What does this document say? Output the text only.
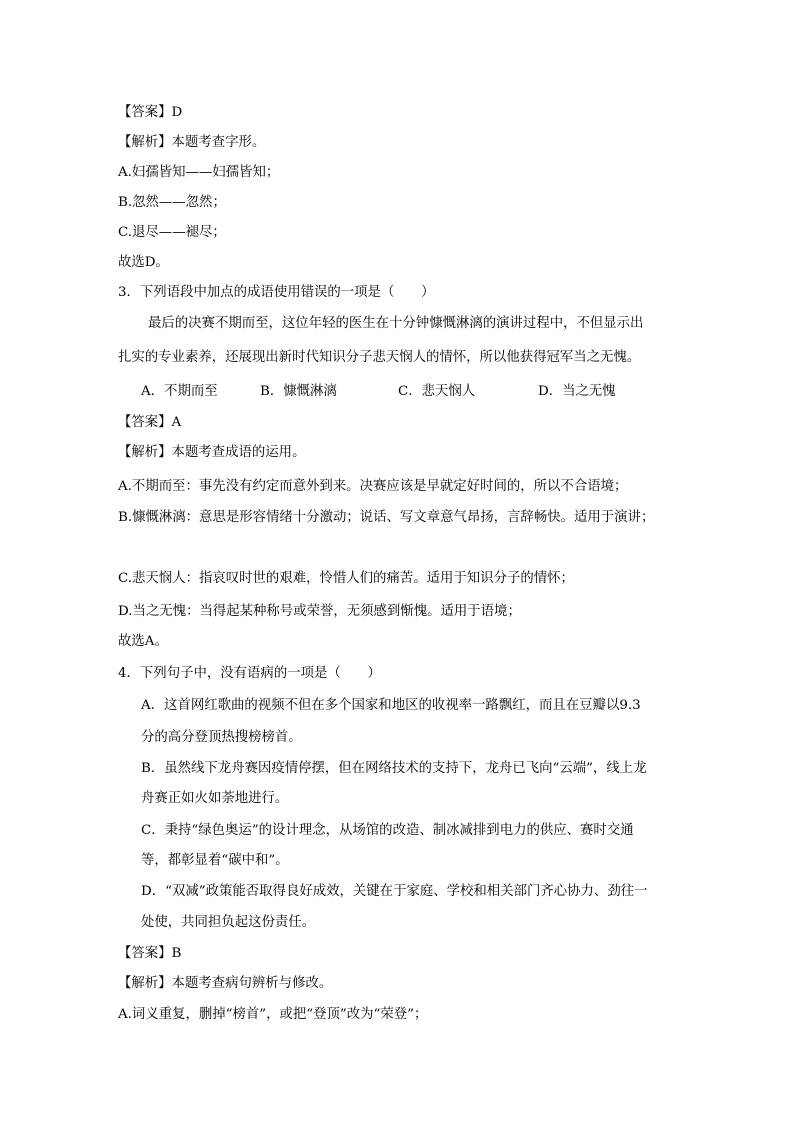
【答案】D
【解析】本题考查字形。
A.妇孺皆知——妇孺皆知；
B.忽然——忽然；
C.退尽——褪尽；
故选D。
3．下列语段中加点的成语使用错误的一项是（　　）
最后的决赛不期而至，这位年轻的医生在十分钟慷慨淋漓的演讲过程中，不但显示出
扎实的专业素养，还展现出新时代知识分子悲天悯人的情怀，所以他获得冠军当之无愧。
A．不期而至	B．慷慨淋漓	C．悲天悯人	D．当之无愧
【答案】A
【解析】本题考查成语的运用。
A.不期而至：事先没有约定而意外到来。决赛应该是早就定好时间的，所以不合语境；
B.慷慨淋漓：意思是形容情绪十分激动；说话、写文章意气昂扬，言辞畅快。适用于演讲；
C.悲天悯人：指哀叹时世的艰难，怜惜人们的痛苦。适用于知识分子的情怀；
D.当之无愧：当得起某种称号或荣誉，无须感到惭愧。适用于语境；
故选A。
4．下列句子中，没有语病的一项是（　　）
A．这首网红歌曲的视频不但在多个国家和地区的收视率一路飘红，而且在豆瓣以9.3
分的高分登顶热搜榜榜首。
B．虽然线下龙舟赛因疫情停摆，但在网络技术的支持下，龙舟已飞向“云端”，线上龙
舟赛正如火如荼地进行。
C．秉持“绿色奥运”的设计理念，从场馆的改造、制冰减排到电力的供应、赛时交通
等，都彰显着“碳中和”。
D．“双减”政策能否取得良好成效，关键在于家庭、学校和相关部门齐心协力、劲往一
处使，共同担负起这份责任。
【答案】B
【解析】本题考查病句辨析与修改。
A.词义重复，删掉“榜首”，或把“登顶”改为“荣登”；
